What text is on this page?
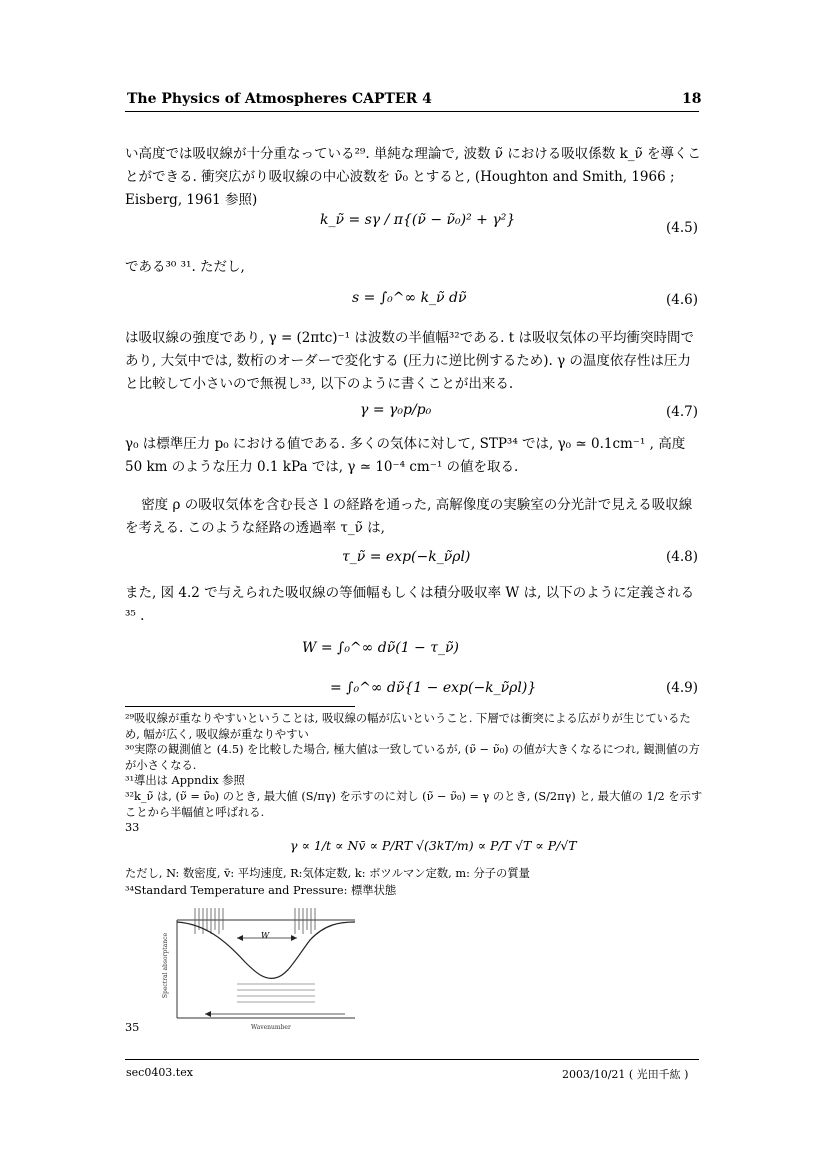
The Physics of Atmospheres CAPTER 4	18
い高度では吸収線が十分重なっている²⁹. 単純な理論で, 波数 ν̃ における吸収係数 k_ν̃ を導くことができる. 衝突広がり吸収線の中心波数を ν̃₀ とすると, (Houghton and Smith, 1966 ; Eisberg, 1961 参照)
k_ν̃ = sγ / π{(ν̃ − ν̃₀)² + γ²}	(4.5)
である³⁰ ³¹. ただし,
s = ∫₀^∞ k_ν̃ dν̃	(4.6)
は吸収線の強度であり, γ = (2πtc)⁻¹ は波数の半値幅³²である. t は吸収気体の平均衝突時間であり, 大気中では, 数桁のオーダーで変化する (圧力に逆比例するため). γ の温度依存性は圧力と比較して小さいので無視し³³, 以下のように書くことが出来る.
γ = γ₀p/p₀	(4.7)
γ₀ は標準圧力 p₀ における値である. 多くの気体に対して, STP³⁴ では, γ₀ ≃ 0.1cm⁻¹ , 高度 50 km のような圧力 0.1 kPa では, γ ≃ 10⁻⁴ cm⁻¹ の値を取る.
密度 ρ の吸収気体を含む長さ l の経路を通った, 高解像度の実験室の分光計で見える吸収線を考える. このような経路の透過率 τ_ν̃ は,
τ_ν̃ = exp(−k_ν̃ρl)	(4.8)
また, 図 4.2 で与えられた吸収線の等価幅もしくは積分吸収率 W は, 以下のように定義される³⁵ .
W = ∫₀^∞ dν̃(1 − τ_ν̃)
= ∫₀^∞ dν̃{1 − exp(−k_ν̃ρl)}	(4.9)
²⁹吸収線が重なりやすいということは, 吸収線の幅が広いということ. 下層では衝突による広がりが生じているため, 幅が広く, 吸収線が重なりやすい
³⁰実際の観測値と (4.5) を比較した場合, 極大値は一致しているが, (ν̃ − ν̃₀) の値が大きくなるにつれ, 観測値の方が小さくなる.
³¹導出は Appndix 参照
³²k_ν̃ は, (ν̃ = ν̃₀) のとき, 最大値 (S/πγ) を示すのに対し (ν̃ − ν̃₀) = γ のとき, (S/2πγ) と, 最大値の 1/2 を示すことから半幅値と呼ばれる.
33
γ ∝ 1/t ∝ Nv̄ ∝ P/RT √(3kT/m) ∝ P/T √T ∝ P/√T
ただし, N: 数密度, v̄: 平均速度, R:気体定数, k: ボツルマン定数, m: 分子の質量
³⁴Standard Temperature and Pressure: 標準状態
W
Spectral absorptance
Wavenumber
35
sec0403.tex	2003/10/21 ( 光田千紘 )
